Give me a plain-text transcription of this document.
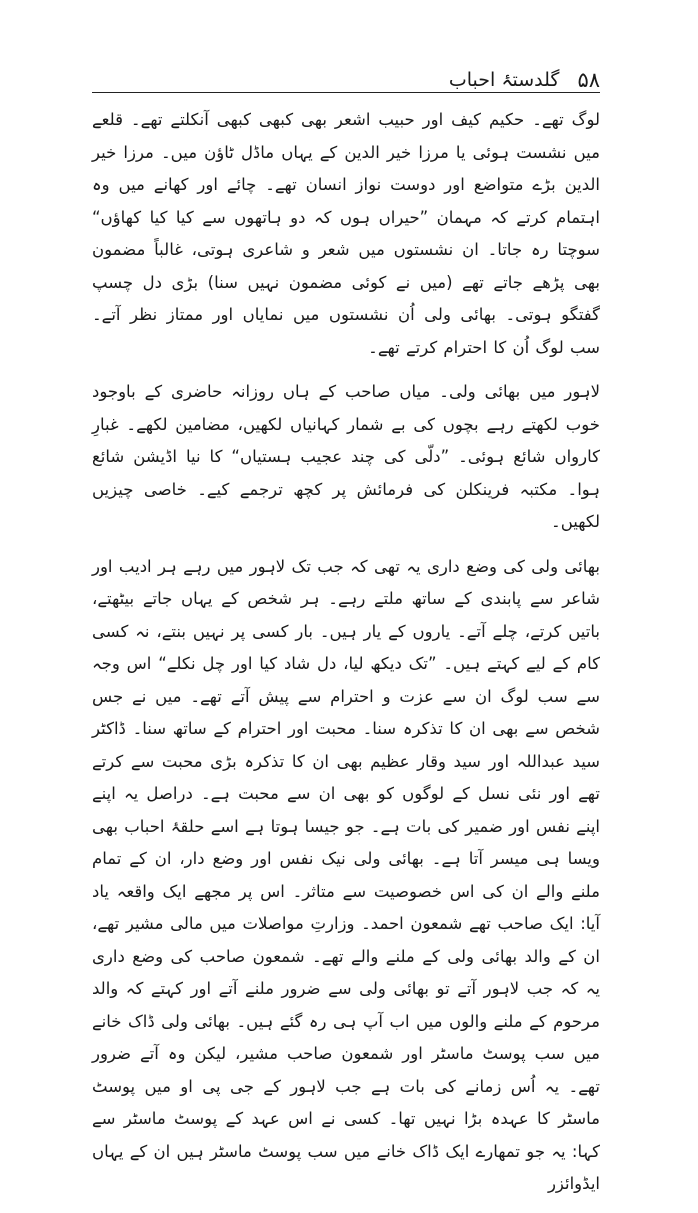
۵۸
گلدستۂ احباب

لوگ تھے۔ حکیم کیف اور حبیب اشعر بھی کبھی کبھی آنکلتے تھے۔ قلعے میں نشست ہوئی یا مرزا خیر الدین کے یہاں ماڈل ٹاؤن میں۔ مرزا خیر الدین بڑے متواضع اور دوست نواز انسان تھے۔ چائے اور کھانے میں وہ اہتمام کرتے کہ مہمان ”حیراں ہوں کہ دو ہاتھوں سے کیا کیا کھاؤں“ سوچتا رہ جاتا۔ ان نشستوں میں شعر و شاعری ہوتی، غالباً مضمون بھی پڑھے جاتے تھے (میں نے کوئی مضمون نہیں سنا) بڑی دل چسپ گفتگو ہوتی۔ بھائی ولی اُن نشستوں میں نمایاں اور ممتاز نظر آتے۔ سب لوگ اُن کا احترام کرتے تھے۔

لاہور میں بھائی ولی۔ میاں صاحب کے ہاں روزانہ حاضری کے باوجود خوب لکھتے رہے بچوں کی بے شمار کہانیاں لکھیں، مضامین لکھے۔ غبارِ کارواں شائع ہوئی۔ ”دلّی کی چند عجیب ہستیاں“ کا نیا اڈیشن شائع ہوا۔ مکتبہ فرینکلن کی فرمائش پر کچھ ترجمے کیے۔ خاصی چیزیں لکھیں۔

بھائی ولی کی وضع داری یہ تھی کہ جب تک لاہور میں رہے ہر ادیب اور شاعر سے پابندی کے ساتھ ملتے رہے۔ ہر شخص کے یہاں جاتے بیٹھتے، باتیں کرتے، چلے آتے۔ یاروں کے یار ہیں۔ بار کسی پر نہیں بنتے، نہ کسی کام کے لیے کہتے ہیں۔ ”تک دیکھ لیا، دل شاد کیا اور چل نکلے“ اس وجہ سے سب لوگ ان سے عزت و احترام سے پیش آتے تھے۔ میں نے جس شخص سے بھی ان کا تذکرہ سنا۔ محبت اور احترام کے ساتھ سنا۔ ڈاکٹر سید عبداللہ اور سید وقار عظیم بھی ان کا تذکرہ بڑی محبت سے کرتے تھے اور نئی نسل کے لوگوں کو بھی ان سے محبت ہے۔ دراصل یہ اپنے اپنے نفس اور ضمیر کی بات ہے۔ جو جیسا ہوتا ہے اسے حلقۂ احباب بھی ویسا ہی میسر آتا ہے۔ بھائی ولی نیک نفس اور وضع دار، ان کے تمام ملنے والے ان کی اس خصوصیت سے متاثر۔ اس پر مجھے ایک واقعہ یاد آیا: ایک صاحب تھے شمعون احمد۔ وزارتِ مواصلات میں مالی مشیر تھے، ان کے والد بھائی ولی کے ملنے والے تھے۔ شمعون صاحب کی وضع داری یہ کہ جب لاہور آتے تو بھائی ولی سے ضرور ملنے آتے اور کہتے کہ والد مرحوم کے ملنے والوں میں اب آپ ہی رہ گئے ہیں۔ بھائی ولی ڈاک خانے میں سب پوسٹ ماسٹر اور شمعون صاحب مشیر، لیکن وہ آتے ضرور تھے۔ یہ اُس زمانے کی بات ہے جب لاہور کے جی پی او میں پوسٹ ماسٹر کا عہدہ بڑا نہیں تھا۔ کسی نے اس عہد کے پوسٹ ماسٹر سے کہا: یہ جو تمھارے ایک ڈاک خانے میں سب پوسٹ ماسٹر ہیں ان کے یہاں ایڈوائزر
